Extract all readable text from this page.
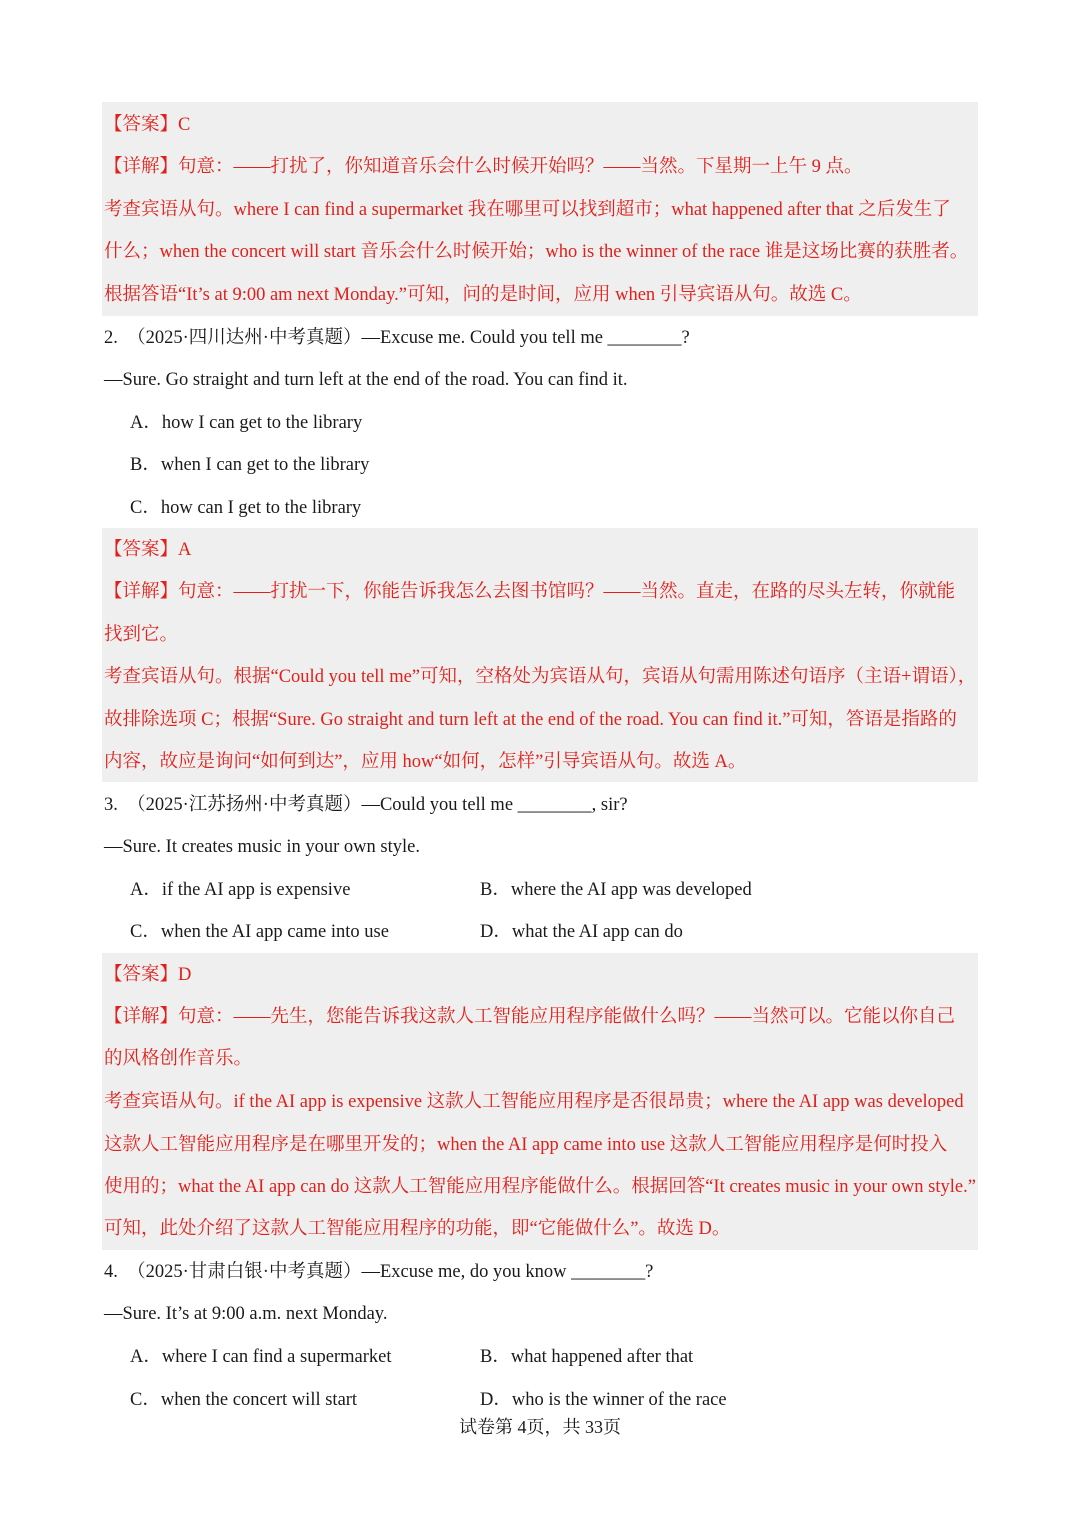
【答案】C
【详解】句意：——打扰了，你知道音乐会什么时候开始吗？——当然。下星期一上午 9 点。
考查宾语从句。where I can find a supermarket 我在哪里可以找到超市；what happened after that 之后发生了
什么；when the concert will start 音乐会什么时候开始；who is the winner of the race 谁是这场比赛的获胜者。
根据答语“It’s at 9:00 am next Monday.”可知，问的是时间，应用 when 引导宾语从句。故选 C。
2.　（2025·四川达州·中考真题）—Excuse me. Could you tell me ________?
—Sure. Go straight and turn left at the end of the road. You can find it.
A．how I can get to the library
B．when I can get to the library
C．how can I get to the library
【答案】A
【详解】句意：——打扰一下，你能告诉我怎么去图书馆吗？——当然。直走，在路的尽头左转，你就能
找到它。
考查宾语从句。根据“Could you tell me”可知，空格处为宾语从句，宾语从句需用陈述句语序（主语+谓语），
故排除选项 C；根据“Sure. Go straight and turn left at the end of the road. You can find it.”可知，答语是指路的
内容，故应是询问“如何到达”，应用 how“如何，怎样”引导宾语从句。故选 A。
3.　（2025·江苏扬州·中考真题）—Could you tell me ________, sir?
—Sure. It creates music in your own style.
A．if the AI app is expensive	B．where the AI app was developed
C．when the AI app came into use	D．what the AI app can do
【答案】D
【详解】句意：——先生，您能告诉我这款人工智能应用程序能做什么吗？——当然可以。它能以你自己
的风格创作音乐。
考查宾语从句。if the AI app is expensive 这款人工智能应用程序是否很昂贵；where the AI app was developed
这款人工智能应用程序是在哪里开发的；when the AI app came into use 这款人工智能应用程序是何时投入
使用的；what the AI app can do 这款人工智能应用程序能做什么。根据回答“It creates music in your own style.”
可知，此处介绍了这款人工智能应用程序的功能，即“它能做什么”。故选 D。
4.　（2025·甘肃白银·中考真题）—Excuse me, do you know ________?
—Sure. It’s at 9:00 a.m. next Monday.
A．where I can find a supermarket	B．what happened after that
C．when the concert will start	D．who is the winner of the race
试卷第 4页，共 33页
